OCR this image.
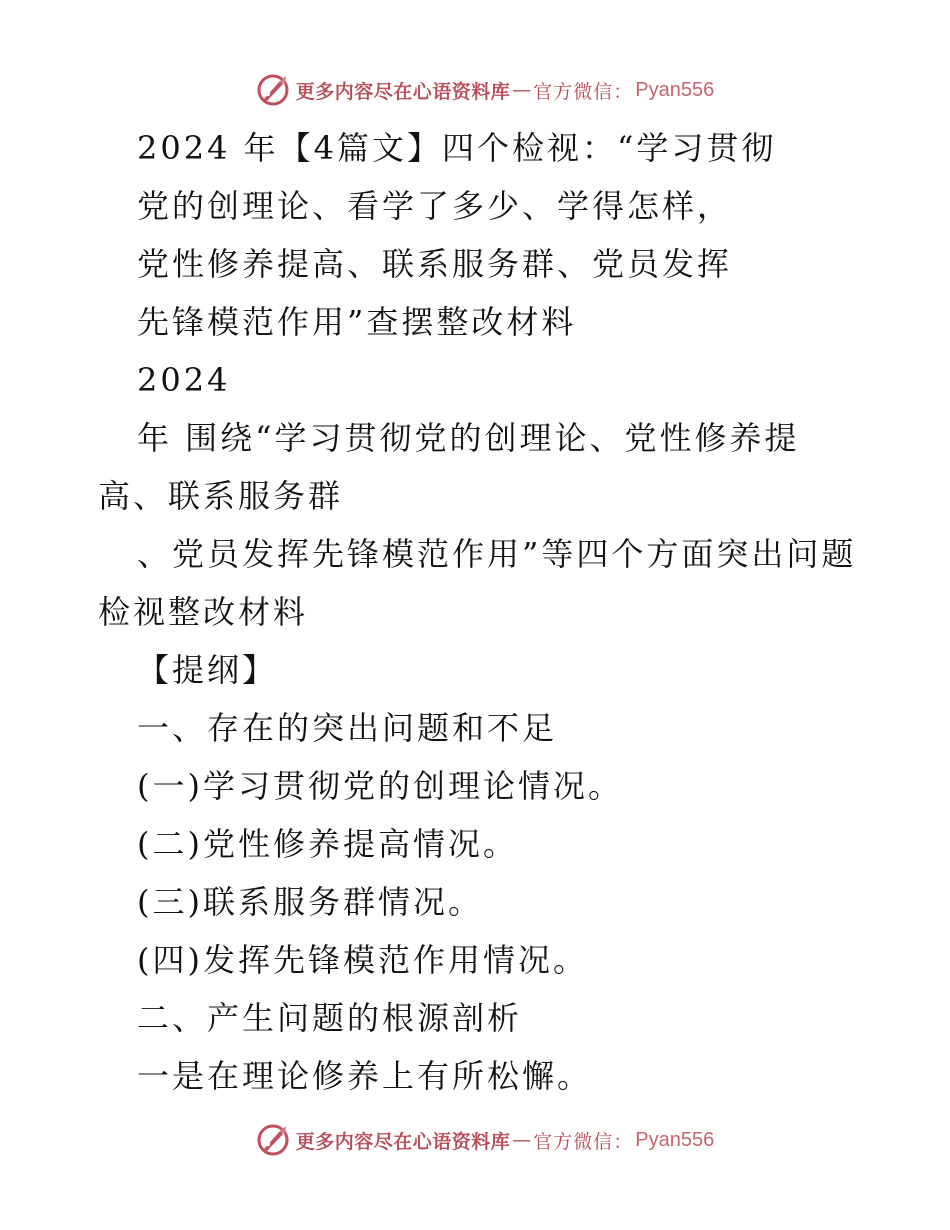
更多内容尽在心语资料库 — 官方微信： Pyan556
2024 年【4篇文】四个检视：“学习贯彻
党的创理论、看学了多少、学得怎样，
党性修养提高、联系服务群、党员发挥
先锋模范作用”查摆整改材料
2024
年 围绕“学习贯彻党的创理论、党性修养提
高、联系服务群
、党员发挥先锋模范作用”等四个方面突出问题
检视整改材料
【提纲】
一、存在的突出问题和不足
(一)学习贯彻党的创理论情况。
(二)党性修养提高情况。
(三)联系服务群情况。
(四)发挥先锋模范作用情况。
二、产生问题的根源剖析
一是在理论修养上有所松懈。
更多内容尽在心语资料库 — 官方微信： Pyan556
